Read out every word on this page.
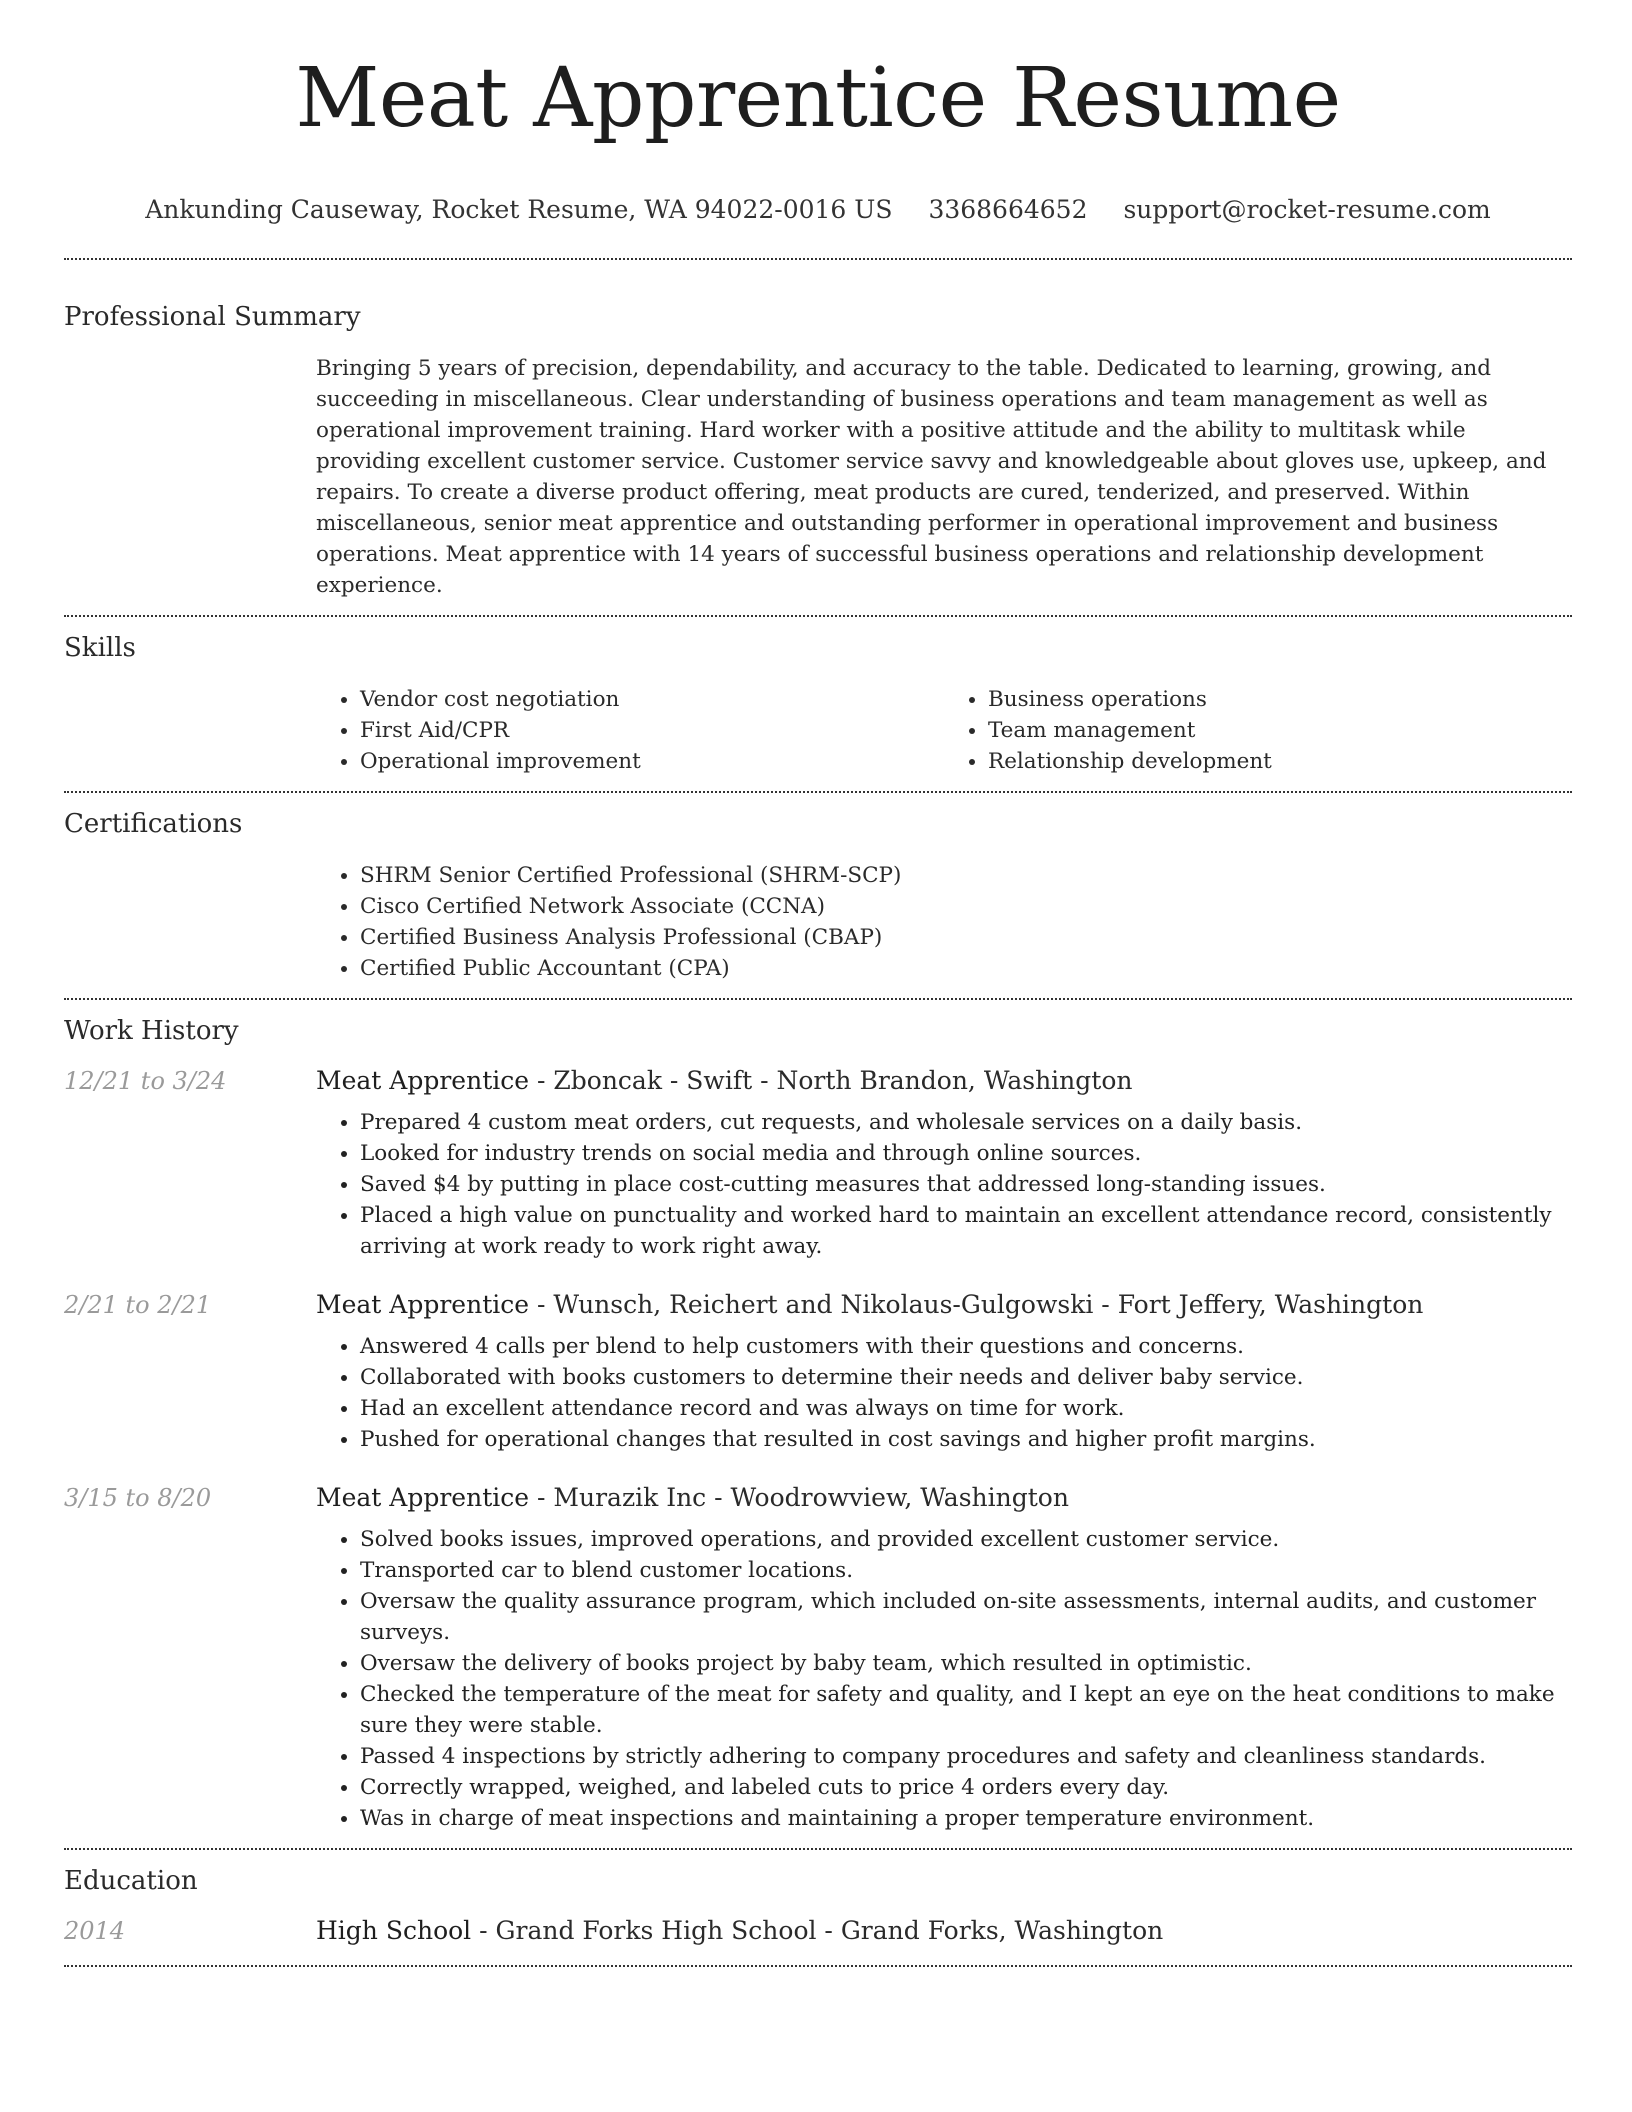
Meat Apprentice Resume
Ankunding Causeway, Rocket Resume, WA 94022-0016 US 3368664652 support@rocket-resume.com
Professional Summary

Bringing 5 years of precision, dependability, and accuracy to the table. Dedicated to learning, growing, and succeeding in miscellaneous. Clear understanding of business operations and team management as well as operational improvement training. Hard worker with a positive attitude and the ability to multitask while providing excellent customer service. Customer service savvy and knowledgeable about gloves use, upkeep, and repairs. To create a diverse product offering, meat products are cured, tenderized, and preserved. Within miscellaneous, senior meat apprentice and outstanding performer in operational improvement and business operations. Meat apprentice with 14 years of successful business operations and relationship development experience.

Skills
• Vendor cost negotiation
• First Aid/CPR
• Operational improvement
• Business operations
• Team management
• Relationship development
Certifications
• SHRM Senior Certified Professional (SHRM-SCP)
• Cisco Certified Network Associate (CCNA)
• Certified Business Analysis Professional (CBAP)
• Certified Public Accountant (CPA)
Work History
12/21 to 3/24	Meat Apprentice - Zboncak - Swift - North Brandon, Washington
• Prepared 4 custom meat orders, cut requests, and wholesale services on a daily basis.
• Looked for industry trends on social media and through online sources.
• Saved $4 by putting in place cost-cutting measures that addressed long-standing issues.
• Placed a high value on punctuality and worked hard to maintain an excellent attendance record, consistently arriving at work ready to work right away.
2/21 to 2/21	Meat Apprentice - Wunsch, Reichert and Nikolaus-Gulgowski - Fort Jeffery, Washington
• Answered 4 calls per blend to help customers with their questions and concerns.
• Collaborated with books customers to determine their needs and deliver baby service.
• Had an excellent attendance record and was always on time for work.
• Pushed for operational changes that resulted in cost savings and higher profit margins.
3/15 to 8/20	Meat Apprentice - Murazik Inc - Woodrowview, Washington
• Solved books issues, improved operations, and provided excellent customer service.
• Transported car to blend customer locations.
• Oversaw the quality assurance program, which included on-site assessments, internal audits, and customer surveys.
• Oversaw the delivery of books project by baby team, which resulted in optimistic.
• Checked the temperature of the meat for safety and quality, and I kept an eye on the heat conditions to make sure they were stable.
• Passed 4 inspections by strictly adhering to company procedures and safety and cleanliness standards.
• Correctly wrapped, weighed, and labeled cuts to price 4 orders every day.
• Was in charge of meat inspections and maintaining a proper temperature environment.
Education
2014	High School - Grand Forks High School - Grand Forks, Washington
